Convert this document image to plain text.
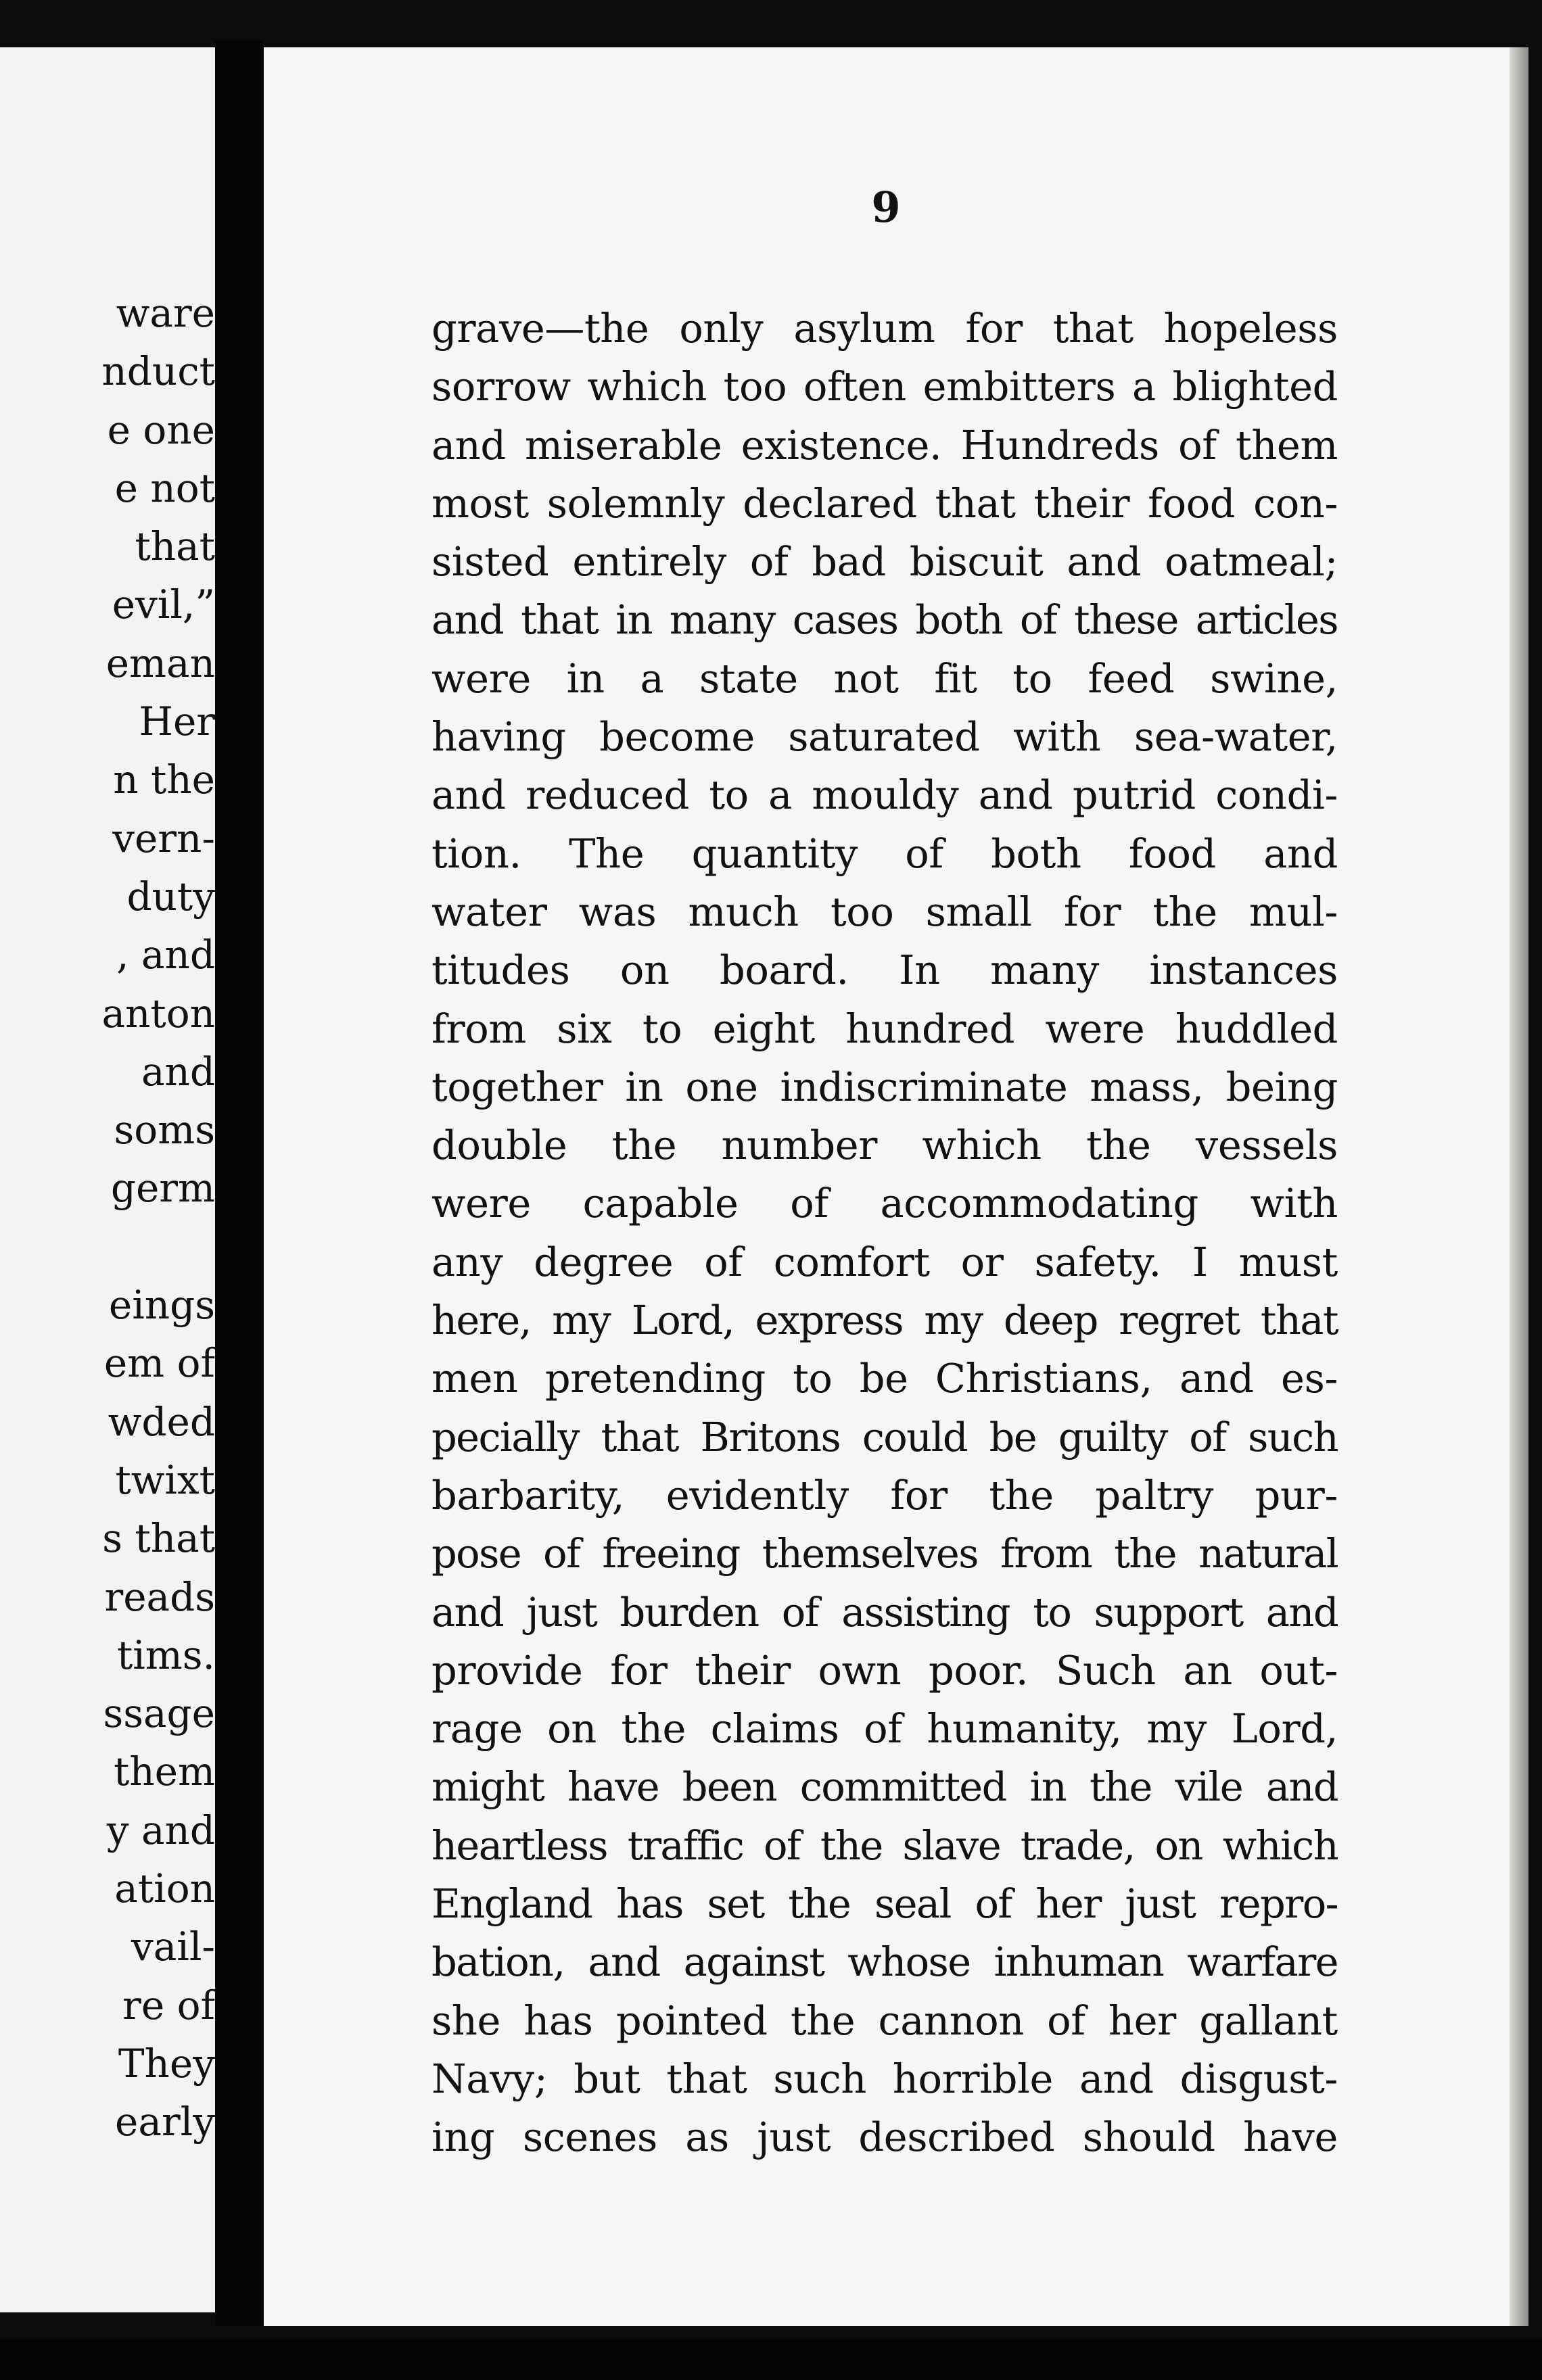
ware
nduct
e one
e not
that
evil,”
eman
Her
n the
vern-
duty
, and
anton
and
soms
germ
eings
em of
wded
twixt
s that
reads
tims.
ssage
them
y and
ation
vail-
re of
They
early
9
grave—the only asylum for that hopeless
sorrow which too often embitters a blighted
and miserable existence. Hundreds of them
most solemnly declared that their food con-
sisted entirely of bad biscuit and oatmeal;
and that in many cases both of these articles
were in a state not fit to feed swine,
having become saturated with sea-water,
and reduced to a mouldy and putrid condi-
tion. The quantity of both food and
water was much too small for the mul-
titudes on board. In many instances
from six to eight hundred were huddled
together in one indiscriminate mass, being
double the number which the vessels
were capable of accommodating with
any degree of comfort or safety. I must
here, my Lord, express my deep regret that
men pretending to be Christians, and es-
pecially that Britons could be guilty of such
barbarity, evidently for the paltry pur-
pose of freeing themselves from the natural
and just burden of assisting to support and
provide for their own poor. Such an out-
rage on the claims of humanity, my Lord,
might have been committed in the vile and
heartless traffic of the slave trade, on which
England has set the seal of her just repro-
bation, and against whose inhuman warfare
she has pointed the cannon of her gallant
Navy; but that such horrible and disgust-
ing scenes as just described should have
